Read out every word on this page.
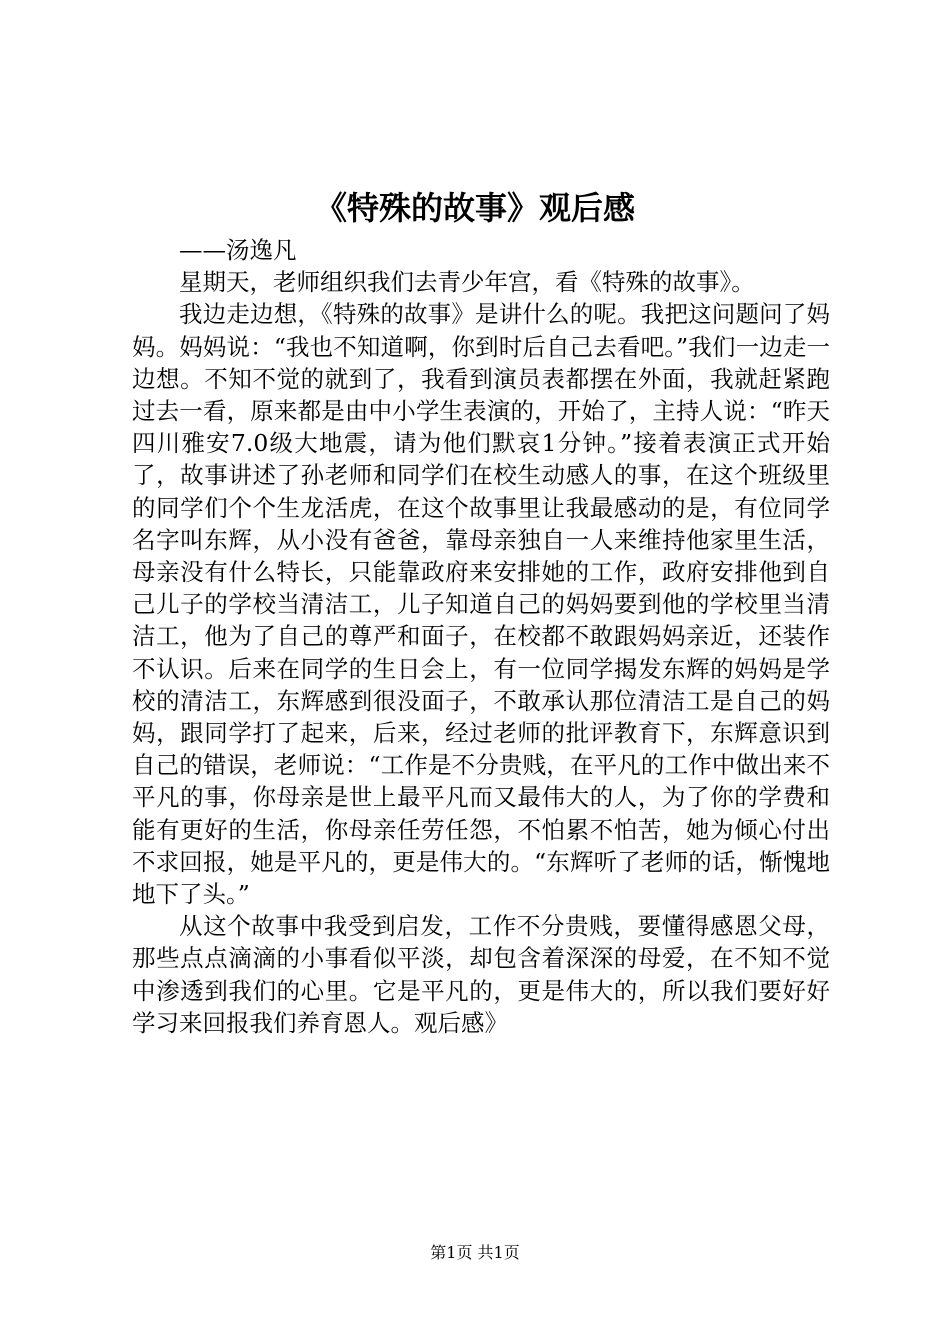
《特殊的故事》观后感

——汤逸凡

星期天，老师组织我们去青少年宫，看《特殊的故事》。

我边走边想，《特殊的故事》是讲什么的呢。我把这问题问了妈妈。妈妈说：“我也不知道啊，你到时后自己去看吧。”我们一边走一边想。不知不觉的就到了，我看到演员表都摆在外面，我就赶紧跑过去一看，原来都是由中小学生表演的，开始了，主持人说：“昨天四川雅安7.0级大地震，请为他们默哀1分钟。”接着表演正式开始了，故事讲述了孙老师和同学们在校生动感人的事，在这个班级里的同学们个个生龙活虎，在这个故事里让我最感动的是，有位同学名字叫东辉，从小没有爸爸，靠母亲独自一人来维持他家里生活，母亲没有什么特长，只能靠政府来安排她的工作，政府安排他到自己儿子的学校当清洁工，儿子知道自己的妈妈要到他的学校里当清洁工，他为了自己的尊严和面子，在校都不敢跟妈妈亲近，还装作不认识。后来在同学的生日会上，有一位同学揭发东辉的妈妈是学校的清洁工，东辉感到很没面子，不敢承认那位清洁工是自己的妈妈，跟同学打了起来，后来，经过老师的批评教育下，东辉意识到自己的错误，老师说：“工作是不分贵贱，在平凡的工作中做出来不平凡的事，你母亲是世上最平凡而又最伟大的人，为了你的学费和能有更好的生活，你母亲任劳任怨，不怕累不怕苦，她为倾心付出不求回报，她是平凡的，更是伟大的。“东辉听了老师的话，惭愧地地下了头。”

从这个故事中我受到启发，工作不分贵贱，要懂得感恩父母，那些点点滴滴的小事看似平淡，却包含着深深的母爱，在不知不觉中渗透到我们的心里。它是平凡的，更是伟大的，所以我们要好好学习来回报我们养育恩人。观后感》

第1页 共1页
